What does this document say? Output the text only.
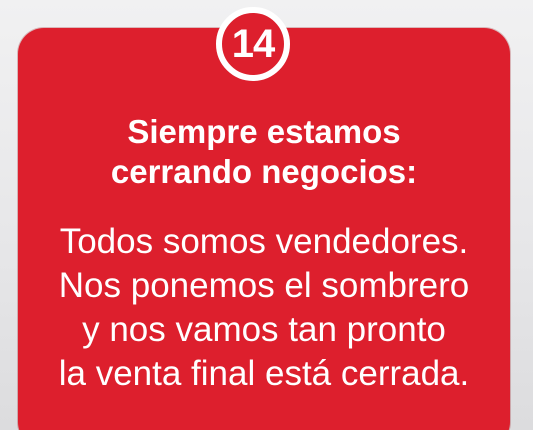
14
Siempre estamos
cerrando negocios:
Todos somos vendedores.
Nos ponemos el sombrero
y nos vamos tan pronto
la venta final está cerrada.
